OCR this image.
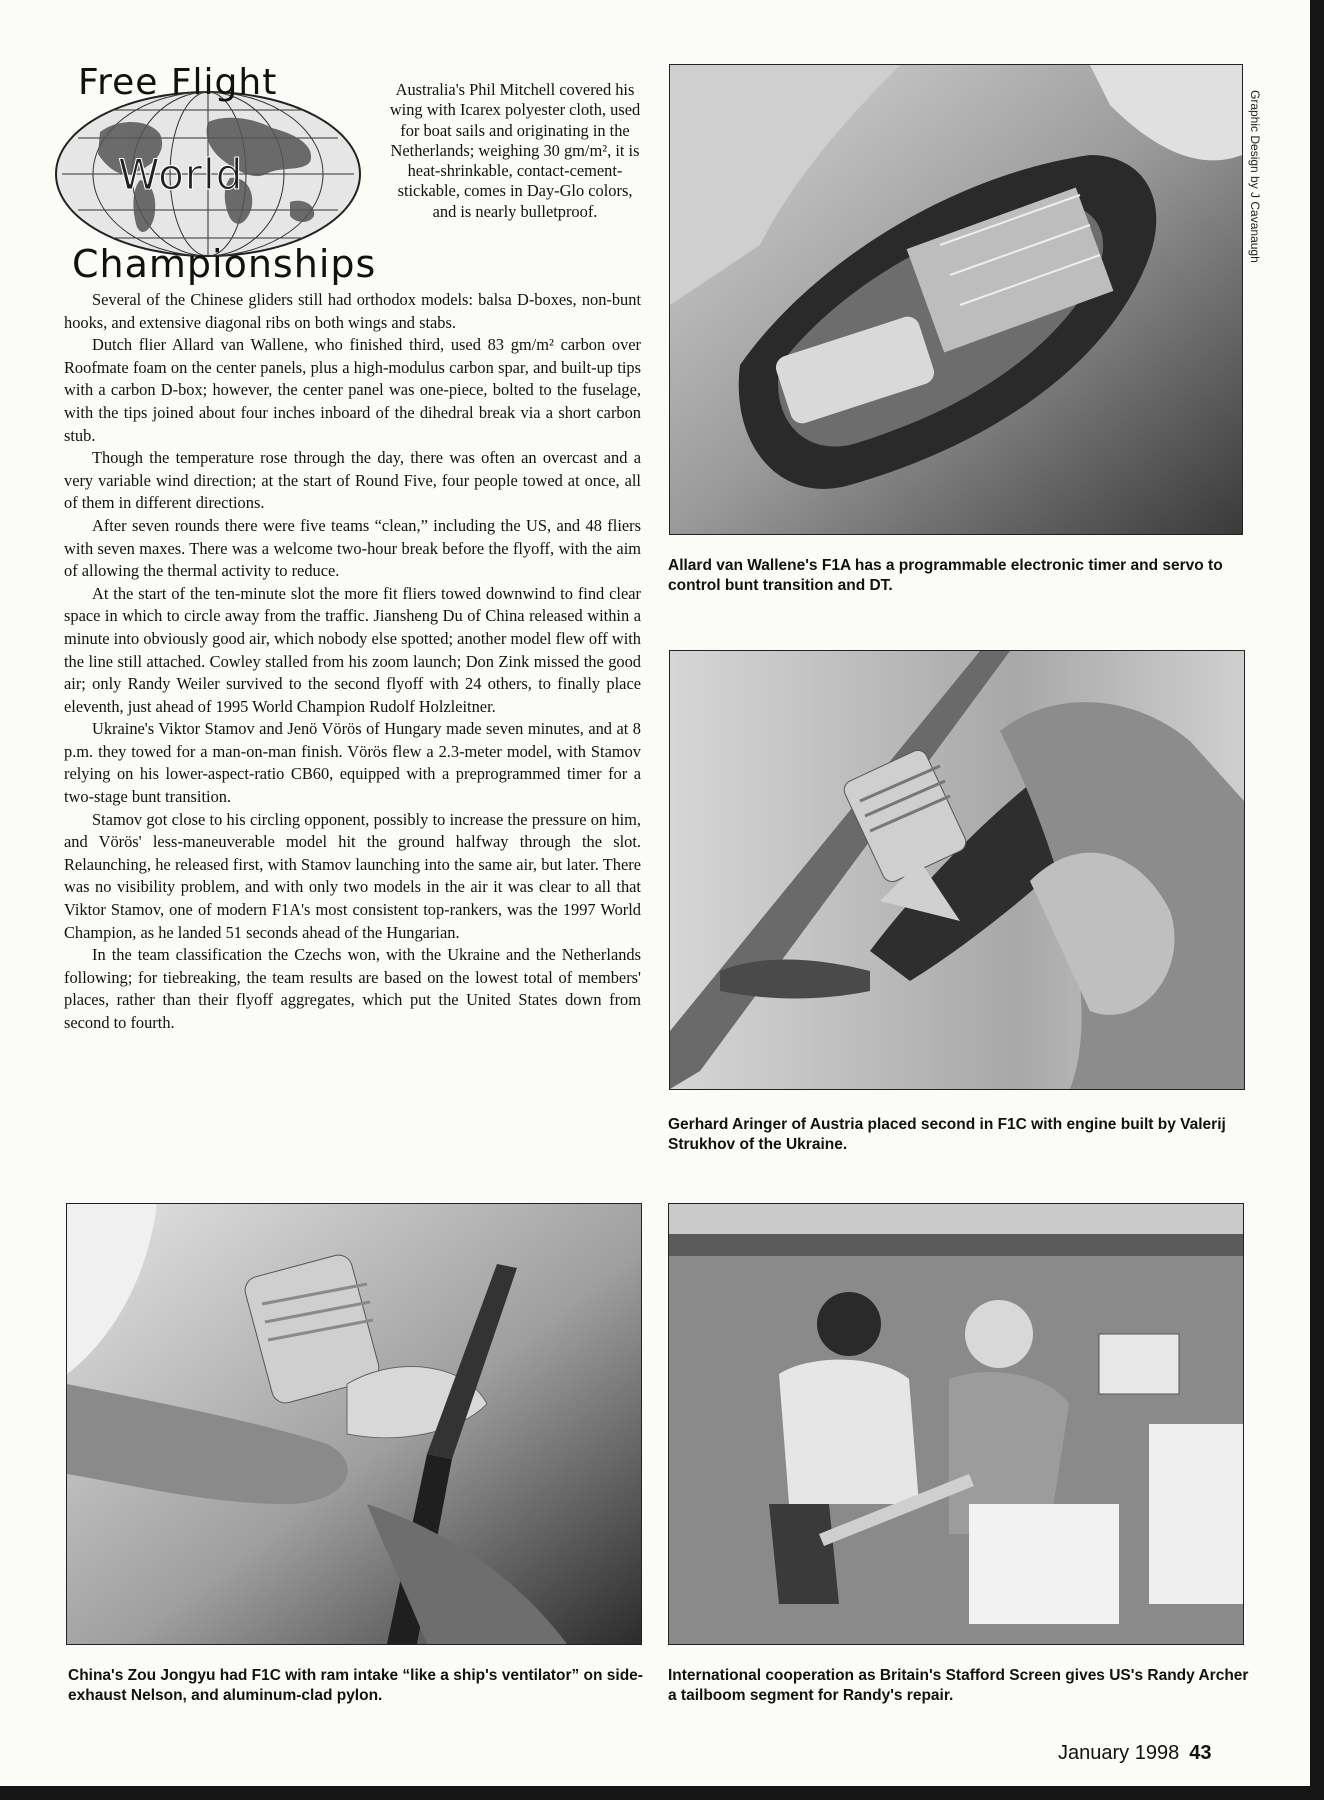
Free Flight
World
Championships
Australia's Phil Mitchell covered his wing with Icarex polyester cloth, used for boat sails and originating in the Netherlands; weighing 30 gm/m², it is heat-shrinkable, contact-cement-stickable, comes in Day-Glo colors, and is nearly bulletproof.

Several of the Chinese gliders still had orthodox models: balsa D-boxes, non-bunt hooks, and extensive diagonal ribs on both wings and stabs.

Dutch flier Allard van Wallene, who finished third, used 83 gm/m² carbon over Roofmate foam on the center panels, plus a high-modulus carbon spar, and built-up tips with a carbon D-box; however, the center panel was one-piece, bolted to the fuselage, with the tips joined about four inches inboard of the dihedral break via a short carbon stub.

Though the temperature rose through the day, there was often an overcast and a very variable wind direction; at the start of Round Five, four people towed at once, all of them in different directions.

After seven rounds there were five teams “clean,” including the US, and 48 fliers with seven maxes. There was a welcome two-hour break before the flyoff, with the aim of allowing the thermal activity to reduce.

At the start of the ten-minute slot the more fit fliers towed downwind to find clear space in which to circle away from the traffic. Jiansheng Du of China released within a minute into obviously good air, which nobody else spotted; another model flew off with the line still attached. Cowley stalled from his zoom launch; Don Zink missed the good air; only Randy Weiler survived to the second flyoff with 24 others, to finally place eleventh, just ahead of 1995 World Champion Rudolf Holzleitner.

Ukraine's Viktor Stamov and Jenö Vörös of Hungary made seven minutes, and at 8 p.m. they towed for a man-on-man finish. Vörös flew a 2.3-meter model, with Stamov relying on his lower-aspect-ratio CB60, equipped with a preprogrammed timer for a two-stage bunt transition.

Stamov got close to his circling opponent, possibly to increase the pressure on him, and Vörös' less-maneuverable model hit the ground halfway through the slot. Relaunching, he released first, with Stamov launching into the same air, but later. There was no visibility problem, and with only two models in the air it was clear to all that Viktor Stamov, one of modern F1A's most consistent top-rankers, was the 1997 World Champion, as he landed 51 seconds ahead of the Hungarian.

In the team classification the Czechs won, with the Ukraine and the Netherlands following; for tiebreaking, the team results are based on the lowest total of members' places, rather than their flyoff aggregates, which put the United States down from second to fourth.

Allard van Wallene's F1A has a programmable electronic timer and servo to control bunt transition and DT.
Gerhard Aringer of Austria placed second in F1C with engine built by Valerij Strukhov of the Ukraine.
China's Zou Jongyu had F1C with ram intake “like a ship's ventilator” on side-exhaust Nelson, and aluminum-clad pylon.
International cooperation as Britain's Stafford Screen gives US's Randy Archer a tailboom segment for Randy's repair.
Graphic Design by J Cavanaugh
January 1998 43
